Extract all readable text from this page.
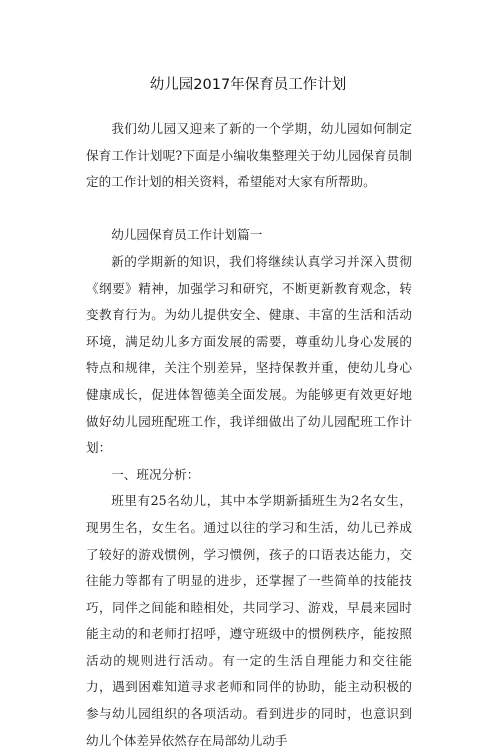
幼儿园2017年保育员工作计划

我们幼儿园又迎来了新的一个学期，幼儿园如何制定保育工作计划呢?下面是小编收集整理关于幼儿园保育员制定的工作计划的相关资料，希望能对大家有所帮助。

幼儿园保育员工作计划篇一

新的学期新的知识，我们将继续认真学习并深入贯彻《纲要》精神，加强学习和研究，不断更新教育观念，转变教育行为。为幼儿提供安全、健康、丰富的生活和活动环境，满足幼儿多方面发展的需要，尊重幼儿身心发展的特点和规律，关注个别差异，坚持保教并重，使幼儿身心健康成长，促进体智德美全面发展。为能够更有效更好地做好幼儿园班配班工作，我详细做出了幼儿园配班工作计划：

一、班况分析：

班里有25名幼儿，其中本学期新插班生为2名女生，现男生名，女生名。通过以往的学习和生活，幼儿已养成了较好的游戏惯例，学习惯例，孩子的口语表达能力，交往能力等都有了明显的进步，还掌握了一些简单的技能技巧，同伴之间能和睦相处，共同学习、游戏，早晨来园时能主动的和老师打招呼，遵守班级中的惯例秩序，能按照活动的规则进行活动。有一定的生活自理能力和交往能力，遇到困难知道寻求老师和同伴的协助，能主动积极的参与幼儿园组织的各项活动。看到进步的同时，也意识到幼儿个体差异依然存在局部幼儿动手
